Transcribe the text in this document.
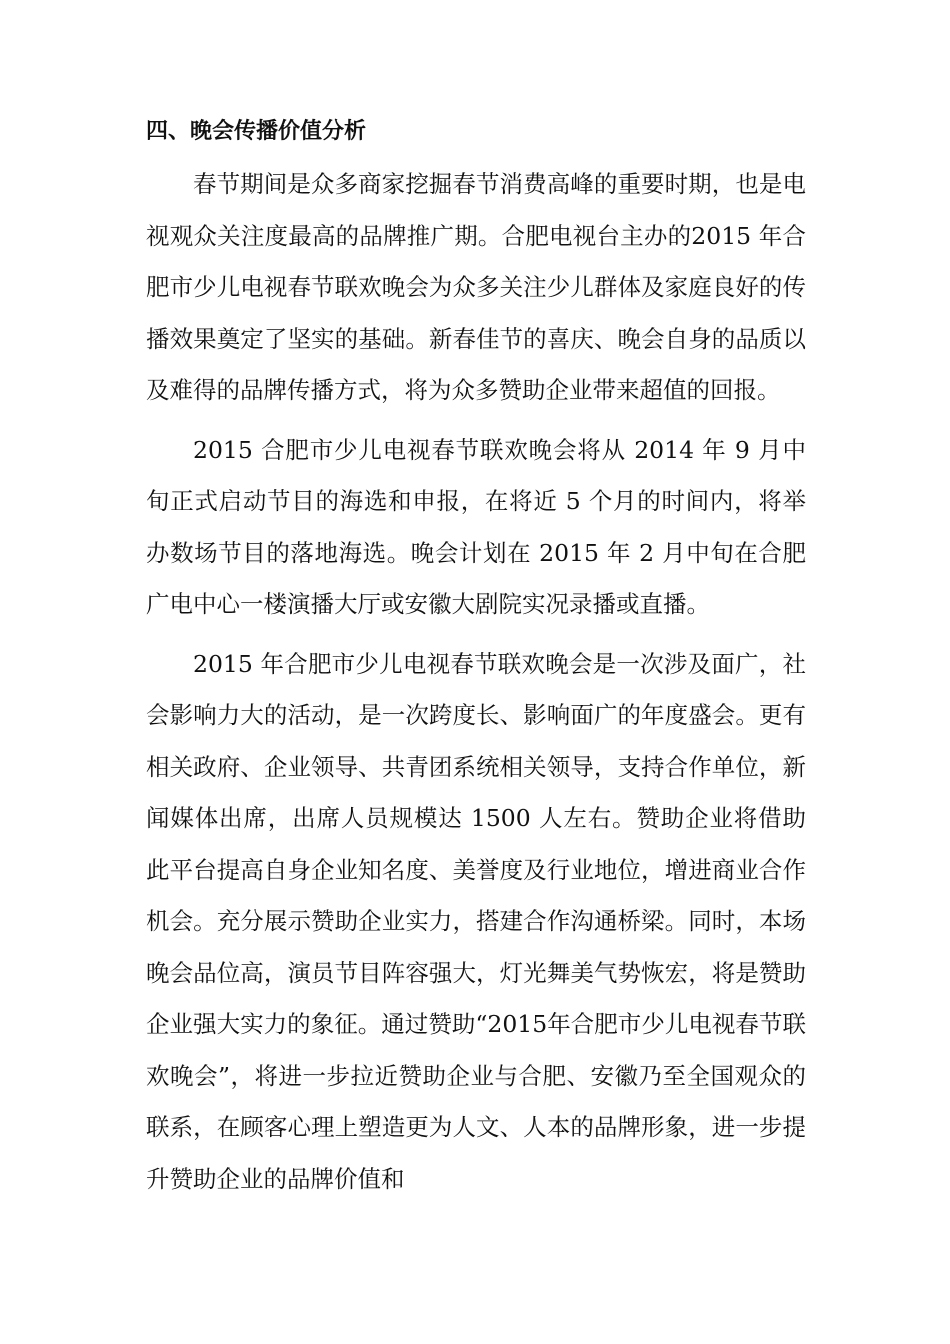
四、晚会传播价值分析

春节期间是众多商家挖掘春节消费高峰的重要时期，也是电视观众关注度最高的品牌推广期。合肥电视台主办的2015 年合肥市少儿电视春节联欢晚会为众多关注少儿群体及家庭良好的传播效果奠定了坚实的基础。新春佳节的喜庆、晚会自身的品质以及难得的品牌传播方式，将为众多赞助企业带来超值的回报。

2015 合肥市少儿电视春节联欢晚会将从 2014 年 9 月中旬正式启动节目的海选和申报，在将近 5 个月的时间内，将举办数场节目的落地海选。晚会计划在 2015 年 2 月中旬在合肥广电中心一楼演播大厅或安徽大剧院实况录播或直播。

2015 年合肥市少儿电视春节联欢晚会是一次涉及面广，社会影响力大的活动，是一次跨度长、影响面广的年度盛会。更有相关政府、企业领导、共青团系统相关领导，支持合作单位，新闻媒体出席，出席人员规模达 1500 人左右。赞助企业将借助此平台提高自身企业知名度、美誉度及行业地位，增进商业合作机会。充分展示赞助企业实力，搭建合作沟通桥梁。同时，本场晚会品位高，演员节目阵容强大，灯光舞美气势恢宏，将是赞助企业强大实力的象征。通过赞助“2015年合肥市少儿电视春节联欢晚会”，将进一步拉近赞助企业与合肥、安徽乃至全国观众的联系，在顾客心理上塑造更为人文、人本的品牌形象，进一步提升赞助企业的品牌价值和
